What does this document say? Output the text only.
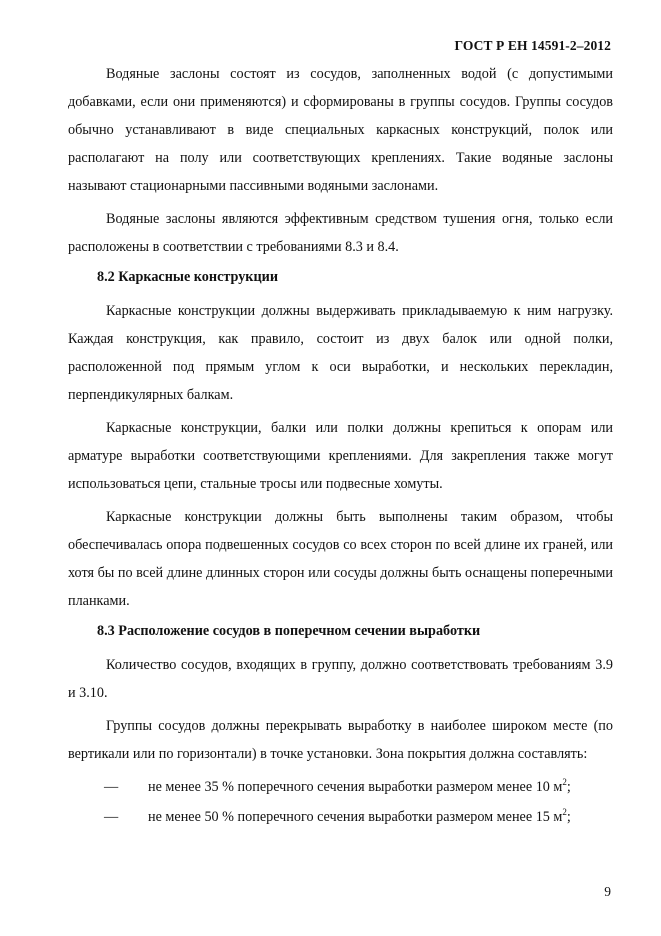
ГОСТ Р ЕН 14591-2–2012

Водяные заслоны состоят из сосудов, заполненных водой (с допустимыми добавками, если они применяются) и сформированы в группы сосудов. Группы сосудов обычно устанавливают в виде специальных каркасных конструкций, полок или располагают на полу или соответствующих креплениях. Такие водяные заслоны называют стационарными пассивными водяными заслонами.

Водяные заслоны являются эффективным средством тушения огня, только если расположены в соответствии с требованиями 8.3 и 8.4.

8.2 Каркасные конструкции

Каркасные конструкции должны выдерживать прикладываемую к ним нагрузку. Каждая конструкция, как правило, состоит из двух балок или одной полки, расположенной под прямым углом к оси выработки, и нескольких перекладин, перпендикулярных балкам.

Каркасные конструкции, балки или полки должны крепиться к опорам или арматуре выработки соответствующими креплениями. Для закрепления также могут использоваться цепи, стальные тросы или подвесные хомуты.

Каркасные конструкции должны быть выполнены таким образом, чтобы обеспечивалась опора подвешенных сосудов со всех сторон по всей длине их граней, или хотя бы по всей длине длинных сторон или сосуды должны быть оснащены поперечными планками.

8.3 Расположение сосудов в поперечном сечении выработки

Количество сосудов, входящих в группу, должно соответствовать требованиям 3.9 и 3.10.

Группы сосудов должны перекрывать выработку в наиболее широком месте (по вертикали или по горизонтали) в точке установки. Зона покрытия должна составлять:

— не менее 35 % поперечного сечения выработки размером менее 10 $м^2$;
— не менее 50 % поперечного сечения выработки размером менее 15 $м^2$;
9
